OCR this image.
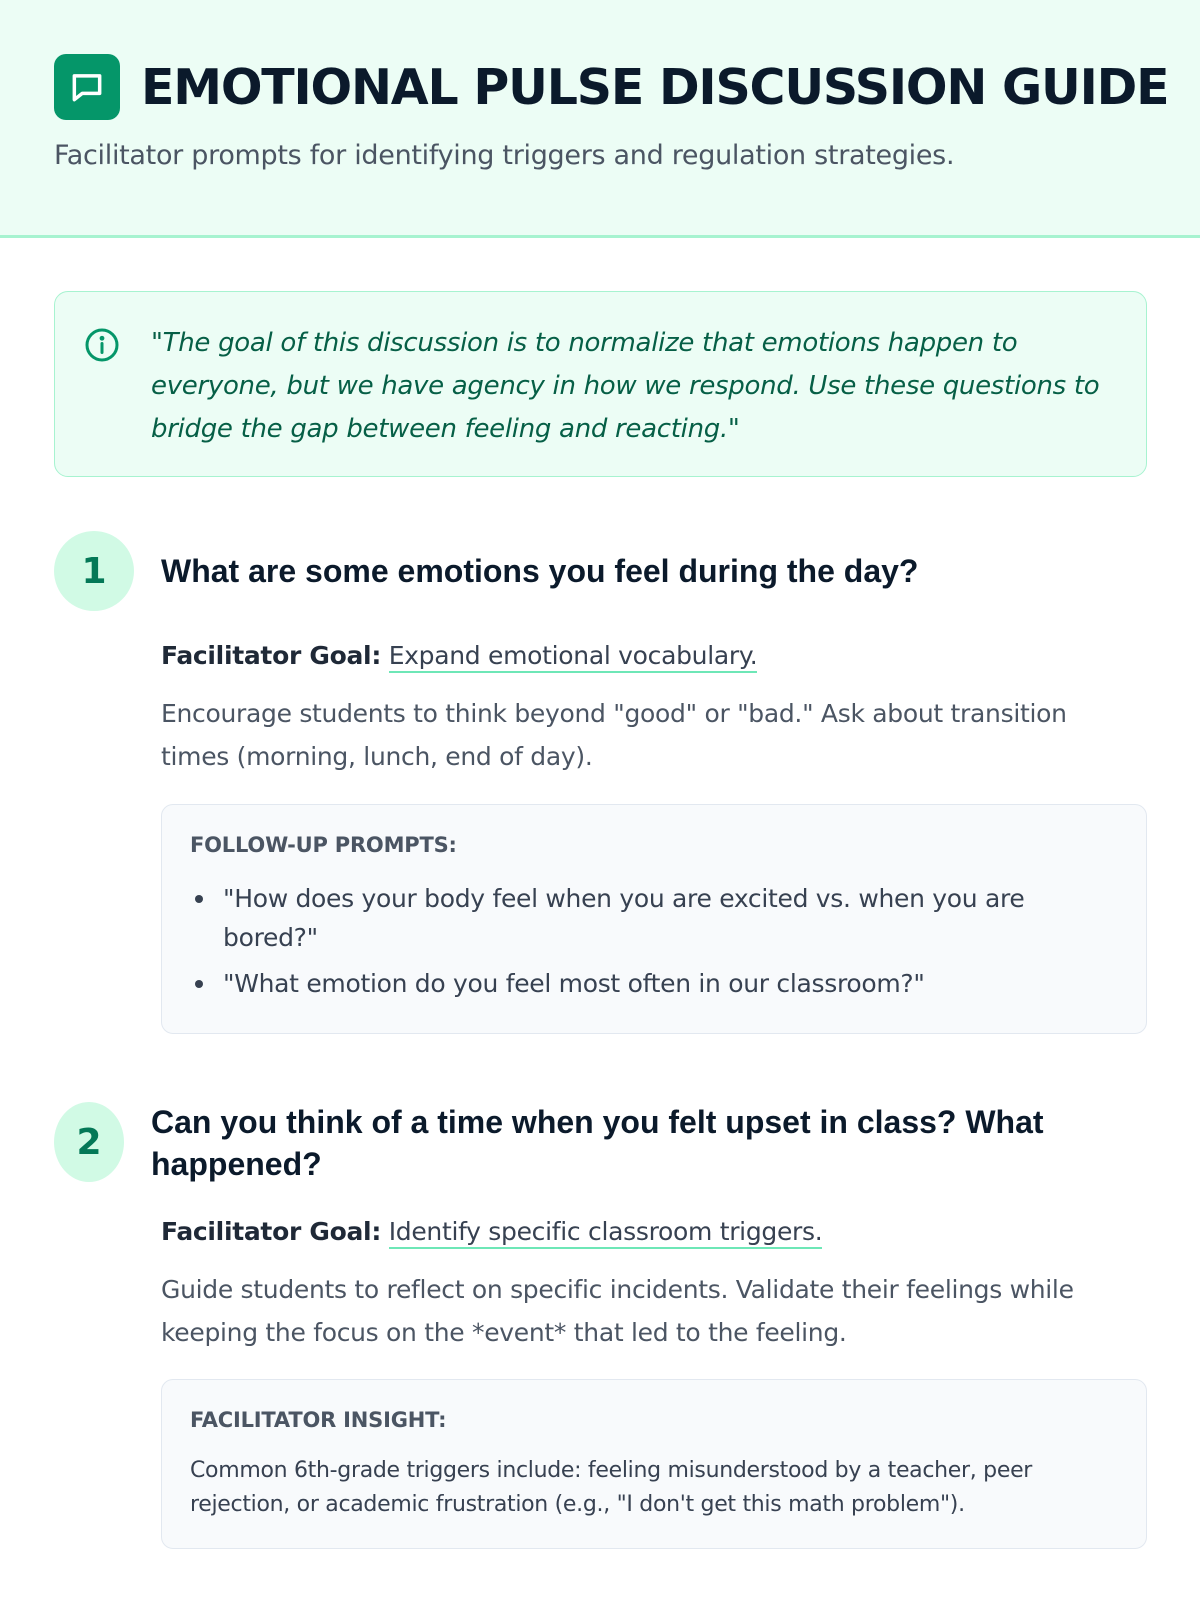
EMOTIONAL PULSE DISCUSSION GUIDE

Facilitator prompts for identifying triggers and regulation strategies.

"The goal of this discussion is to normalize that emotions happen to everyone, but we have agency in how we respond. Use these questions to bridge the gap between feeling and reacting."

1	What are some emotions you feel during the day?

Facilitator Goal: Expand emotional vocabulary.

Encourage students to think beyond "good" or "bad." Ask about transition times (morning, lunch, end of day).

FOLLOW-UP PROMPTS:
"How does your body feel when you are excited vs. when you are bored?"
"What emotion do you feel most often in our classroom?"
2	Can you think of a time when you felt upset in class? What happened?

Facilitator Goal: Identify specific classroom triggers.

Guide students to reflect on specific incidents. Validate their feelings while keeping the focus on the *event* that led to the feeling.

FACILITATOR INSIGHT:

Common 6th-grade triggers include: feeling misunderstood by a teacher, peer rejection, or academic frustration (e.g., "I don't get this math problem").
